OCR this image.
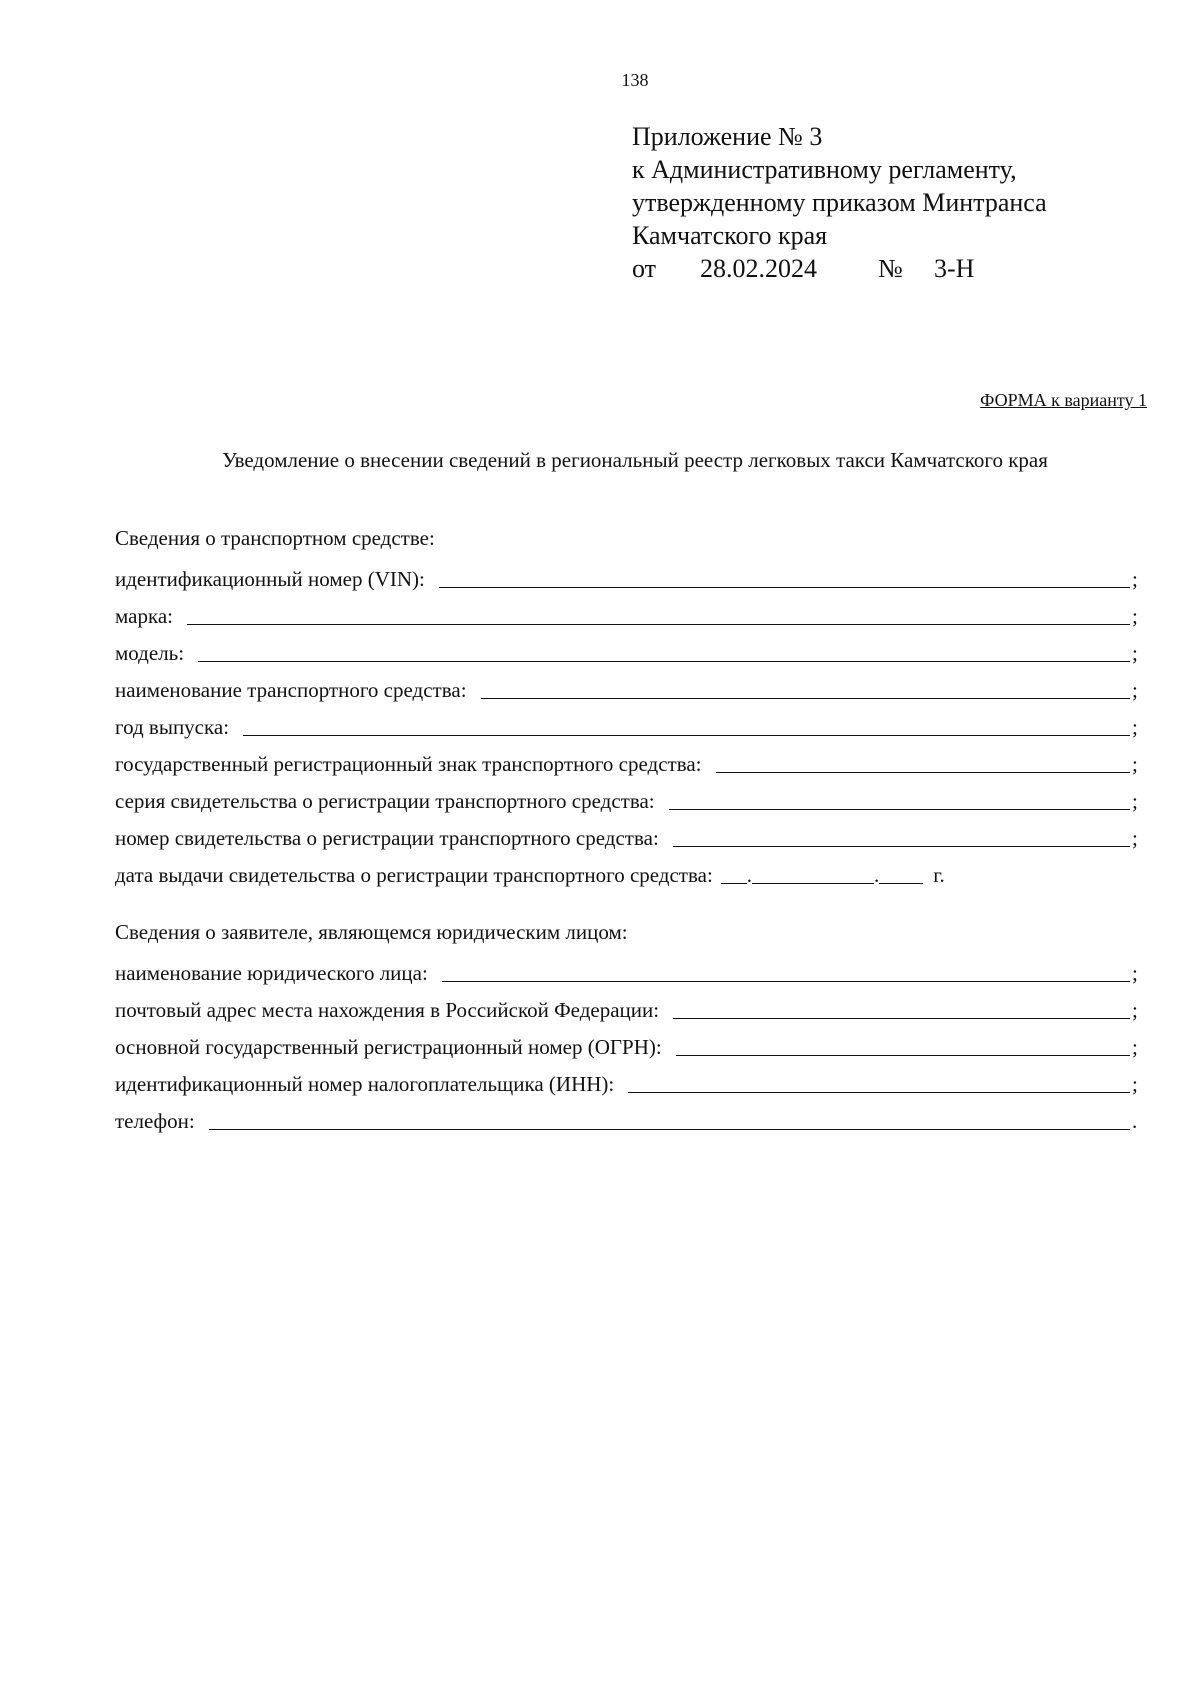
138
Приложение № 3
к Административному регламенту,
утвержденному приказом Минтранса
Камчатского края
от 28.02.2024 № 3-Н
ФОРМА к варианту 1
Уведомление о внесении сведений в региональный реестр легковых такси Камчатского края
Сведения о транспортном средстве:
идентификационный номер (VIN):	;
марка:	;
модель:	;
наименование транспортного средства:	;
год выпуска:	;
государственный регистрационный знак транспортного средства:	;
серия свидетельства о регистрации транспортного средства:	;
номер свидетельства о регистрации транспортного средства:	;
дата выдачи свидетельства о регистрации транспортного средства: .	.	г.
Сведения о заявителе, являющемся юридическим лицом:
наименование юридического лица:	;
почтовый адрес места нахождения в Российской Федерации:	;
основной государственный регистрационный номер (ОГРН):	;
идентификационный номер налогоплательщика (ИНН):	;
телефон:	.
